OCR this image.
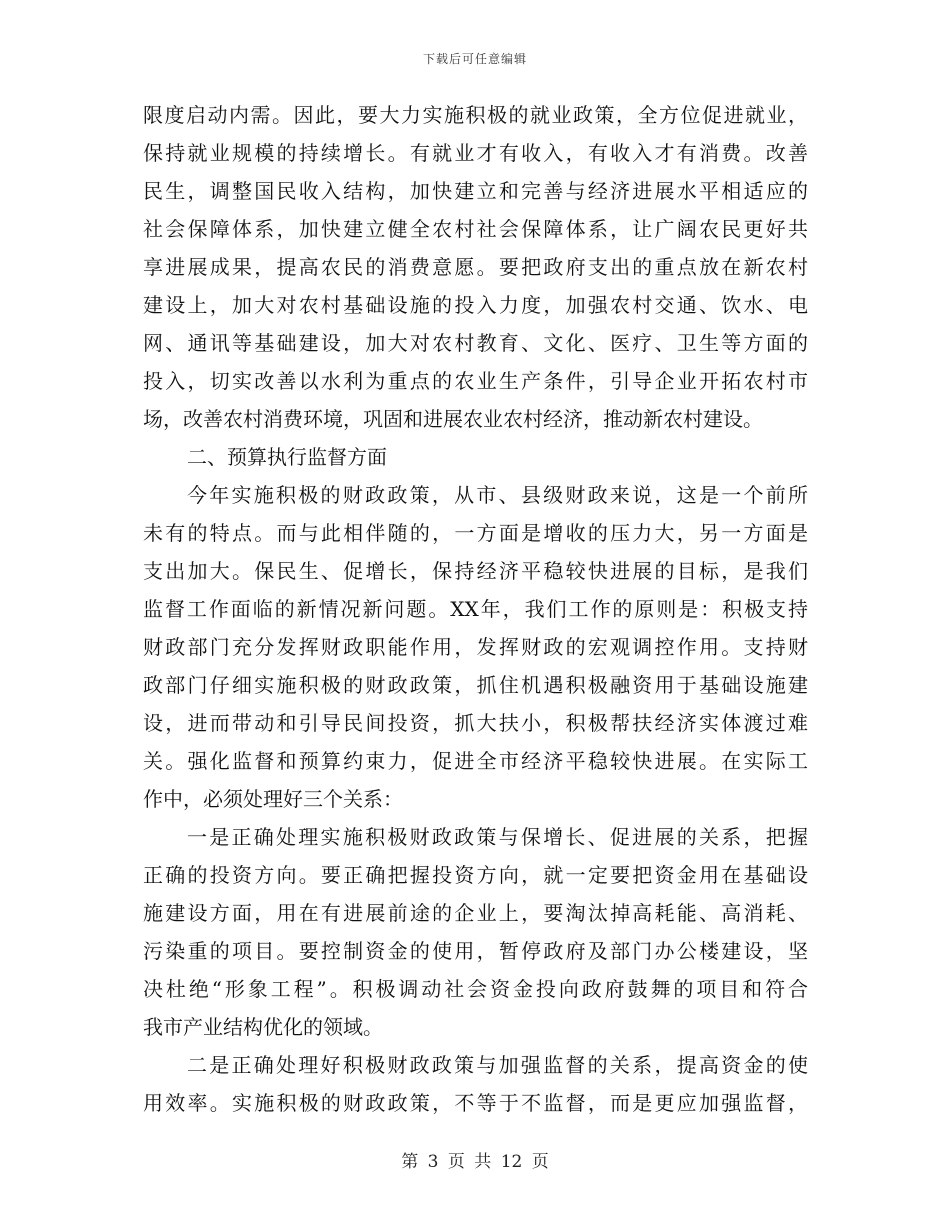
下载后可任意编辑
限度启动内需。因此，要大力实施积极的就业政策，全方位促进就业，
保持就业规模的持续增长。有就业才有收入，有收入才有消费。改善
民生，调整国民收入结构，加快建立和完善与经济进展水平相适应的
社会保障体系，加快建立健全农村社会保障体系，让广阔农民更好共
享进展成果，提高农民的消费意愿。要把政府支出的重点放在新农村
建设上，加大对农村基础设施的投入力度，加强农村交通、饮水、电
网、通讯等基础建设，加大对农村教育、文化、医疗、卫生等方面的
投入，切实改善以水利为重点的农业生产条件，引导企业开拓农村市
场，改善农村消费环境，巩固和进展农业农村经济，推动新农村建设。
二、预算执行监督方面
今年实施积极的财政政策，从市、县级财政来说，这是一个前所
未有的特点。而与此相伴随的，一方面是增收的压力大，另一方面是
支出加大。保民生、促增长，保持经济平稳较快进展的目标，是我们
监督工作面临的新情况新问题。XX年，我们工作的原则是：积极支持
财政部门充分发挥财政职能作用，发挥财政的宏观调控作用。支持财
政部门仔细实施积极的财政政策，抓住机遇积极融资用于基础设施建
设，进而带动和引导民间投资，抓大扶小，积极帮扶经济实体渡过难
关。强化监督和预算约束力，促进全市经济平稳较快进展。在实际工
作中，必须处理好三个关系：
一是正确处理实施积极财政政策与保增长、促进展的关系，把握
正确的投资方向。要正确把握投资方向，就一定要把资金用在基础设
施建设方面，用在有进展前途的企业上，要淘汰掉高耗能、高消耗、
污染重的项目。要控制资金的使用，暂停政府及部门办公楼建设，坚
决杜绝“形象工程”。积极调动社会资金投向政府鼓舞的项目和符合
我市产业结构优化的领域。
二是正确处理好积极财政政策与加强监督的关系，提高资金的使
用效率。实施积极的财政政策，不等于不监督，而是更应加强监督，
第 3 页 共 12 页
